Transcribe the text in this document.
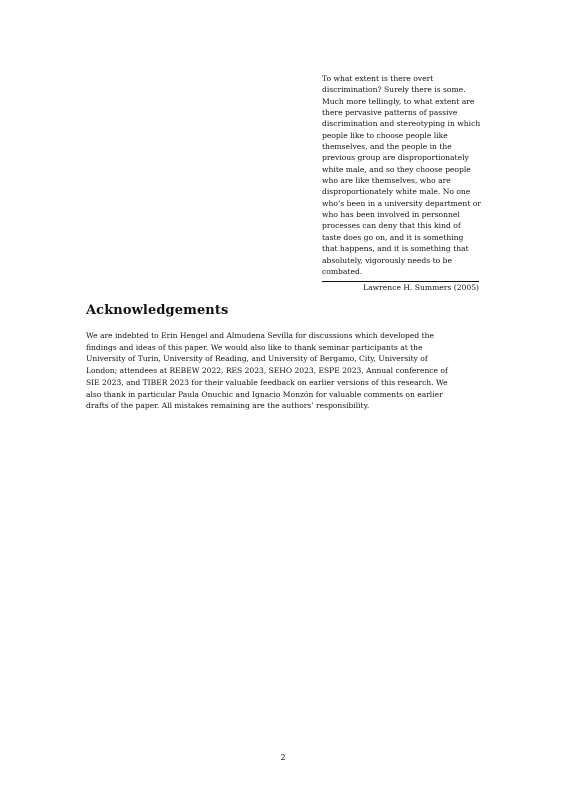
To what extent is there overt
discrimination? Surely there is some.
Much more tellingly, to what extent are
there pervasive patterns of passive
discrimination and stereotyping in which
people like to choose people like
themselves, and the people in the
previous group are disproportionately
white male, and so they choose people
who are like themselves, who are
disproportionately white male. No one
who’s been in a university department or
who has been involved in personnel
processes can deny that this kind of
taste does go on, and it is something
that happens, and it is something that
absolutely, vigorously needs to be
combated.

Lawrence H. Summers (2005)
Acknowledgements

We are indebted to Erin Hengel and Almudena Sevilla for discussions which developed the
findings and ideas of this paper. We would also like to thank seminar participants at the
University of Turin, University of Reading, and University of Bergamo, City, University of
London; attendees at REBEW 2022, RES 2023, SEHO 2023, ESPE 2023, Annual conference of
SIE 2023, and TIBER 2023 for their valuable feedback on earlier versions of this research. We
also thank in particular Paula Onuchic and Ignacio Monzón for valuable comments on earlier
drafts of the paper. All mistakes remaining are the authors’ responsibility.

2
